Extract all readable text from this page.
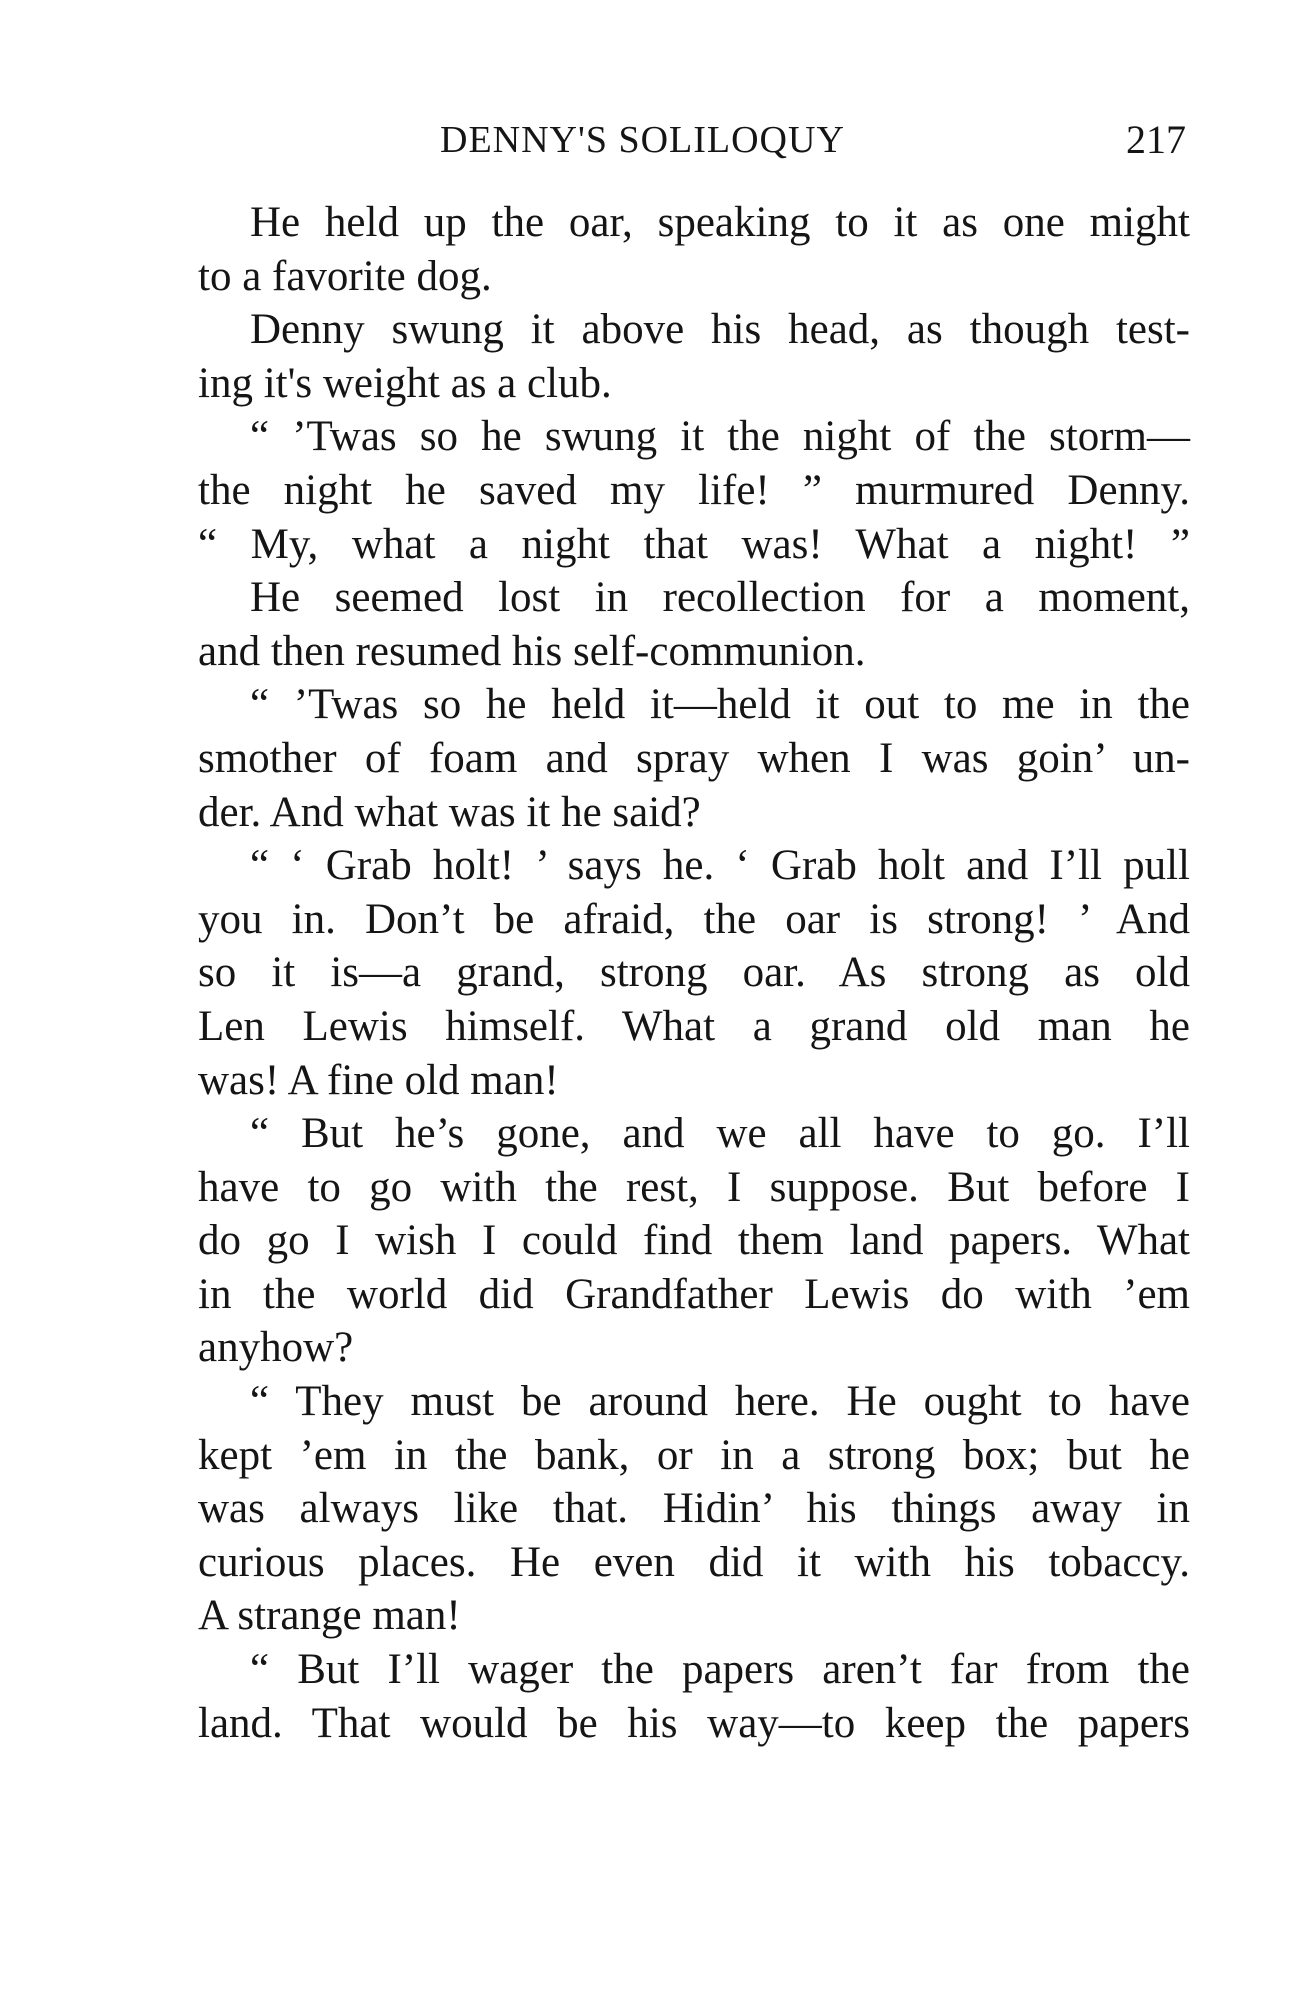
DENNY'S SOLILOQUY	217
He held up the oar, speaking to it as one might
to a favorite dog.
Denny swung it above his head, as though test-
ing it's weight as a club.
“ ’Twas so he swung it the night of the storm—
the night he saved my life! ” murmured Denny.
“ My, what a night that was! What a night! ”
He seemed lost in recollection for a moment,
and then resumed his self-communion.
“ ’Twas so he held it—held it out to me in the
smother of foam and spray when I was goin’ un-
der. And what was it he said?
“ ‘ Grab holt! ’ says he. ‘ Grab holt and I’ll pull
you in. Don’t be afraid, the oar is strong! ’ And
so it is—a grand, strong oar. As strong as old
Len Lewis himself. What a grand old man he
was! A fine old man!
“ But he’s gone, and we all have to go. I’ll
have to go with the rest, I suppose. But before I
do go I wish I could find them land papers. What
in the world did Grandfather Lewis do with ’em
anyhow?
“ They must be around here. He ought to have
kept ’em in the bank, or in a strong box; but he
was always like that. Hidin’ his things away in
curious places. He even did it with his tobaccy.
A strange man!
“ But I’ll wager the papers aren’t far from the
land. That would be his way—to keep the papers
